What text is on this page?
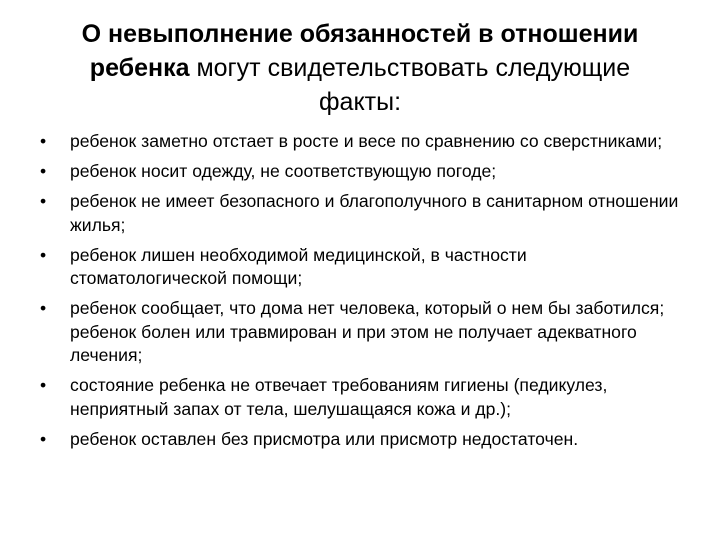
О невыполнение обязанностей в отношении
ребенка могут свидетельствовать следующие
факты:
• ребенок заметно отстает в росте и весе по сравнению со сверстниками;
• ребенок носит одежду, не соответствующую погоде;
• ребенок не имеет безопасного и благополучного в санитарном отношении жилья;
• ребенок лишен необходимой медицинской, в частности стоматологической помощи;
• ребенок сообщает, что дома нет человека, который о нем бы заботился; ребенок болен или травмирован и при этом не получает адекватного лечения;
• состояние ребенка не отвечает требованиям гигиены (педикулез, неприятный запах от тела, шелушащаяся кожа и др.);
• ребенок оставлен без присмотра или присмотр недостаточен.
